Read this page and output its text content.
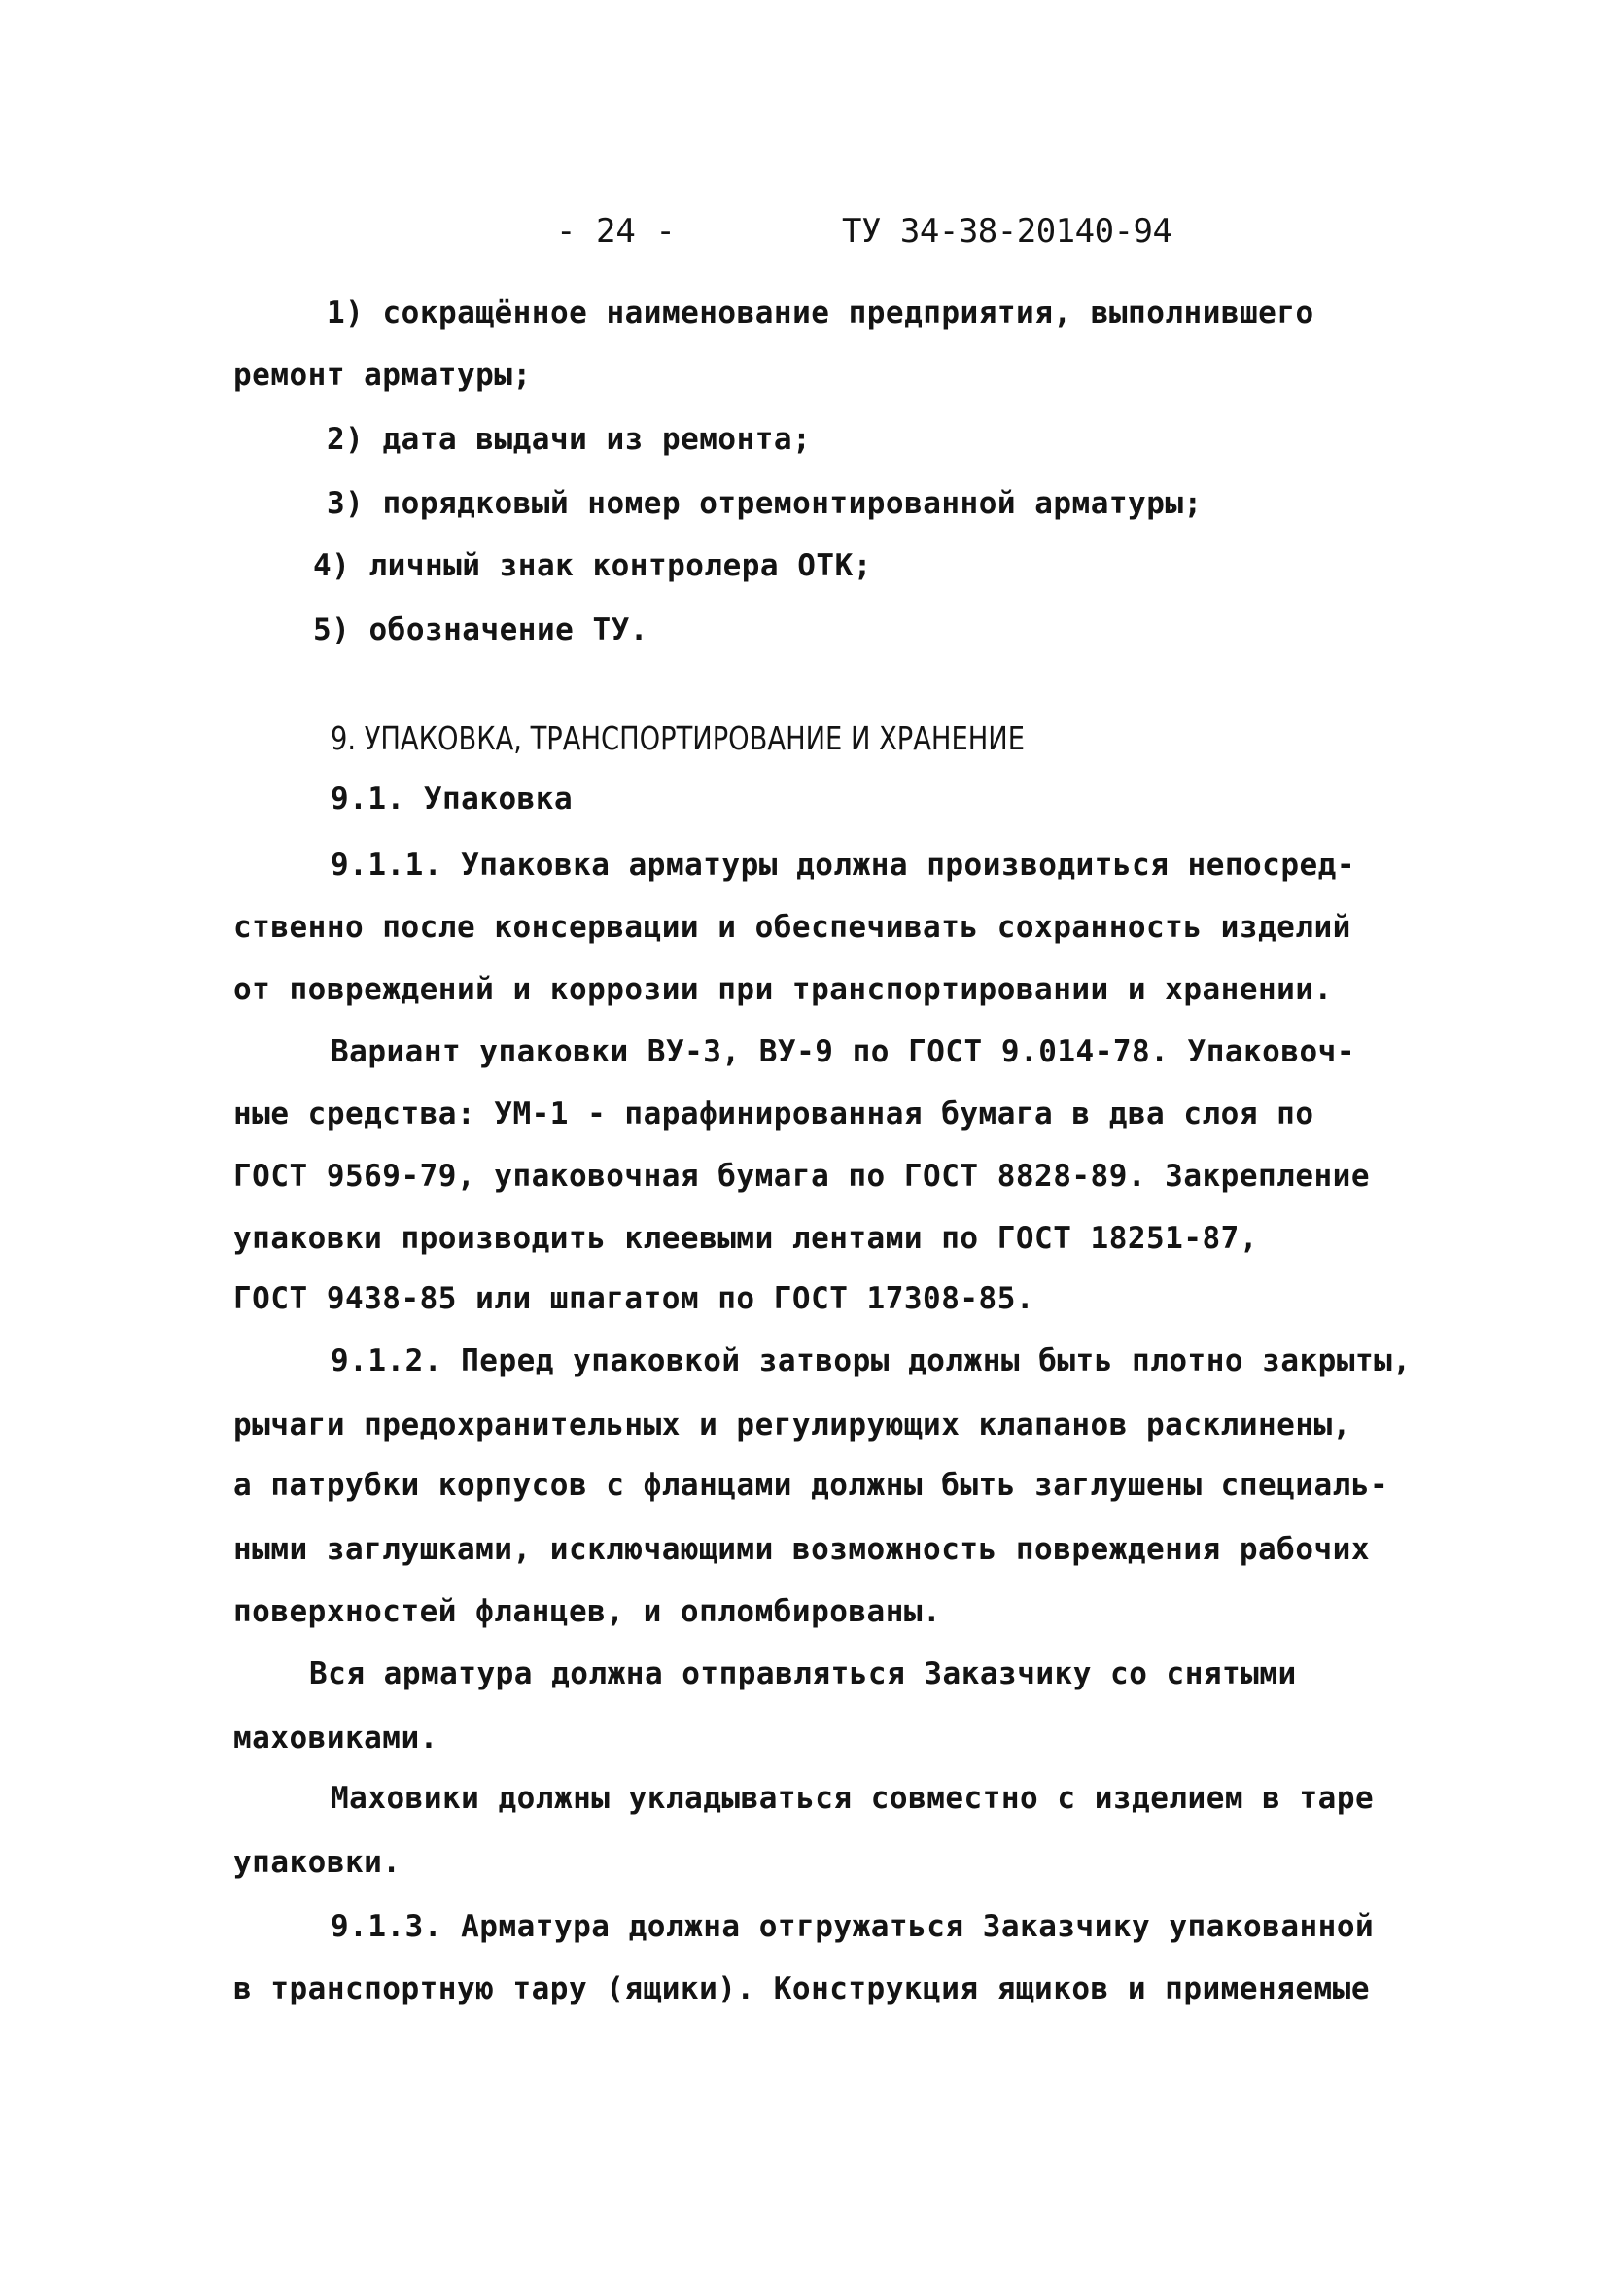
- 24 -	ТУ 34-38-20140-94
1) сокращённое наименование предприятия, выполнившего
ремонт арматуры;
2) дата выдачи из ремонта;
3) порядковый номер отремонтированной арматуры;
4) личный знак контролера ОТК;
5) обозначение ТУ.
9. УПАКОВКА, ТРАНСПОРТИРОВАНИЕ И ХРАНЕНИЕ
9.1. Упаковка
9.1.1. Упаковка арматуры должна производиться непосред-
ственно после консервации и обеспечивать сохранность изделий
от повреждений и коррозии при транспортировании и хранении.
Вариант упаковки ВУ-3, ВУ-9 по ГОСТ 9.014-78. Упаковоч-
ные средства: УМ-1 - парафинированная бумага в два слоя по
ГОСТ 9569-79, упаковочная бумага по ГОСТ 8828-89. Закрепление
упаковки производить клеевыми лентами по ГОСТ 18251-87,
ГОСТ 9438-85 или шпагатом по ГОСТ 17308-85.
9.1.2. Перед упаковкой затворы должны быть плотно закрыты,
рычаги предохранительных и регулирующих клапанов расклинены,
а патрубки корпусов с фланцами должны быть заглушены специаль-
ными заглушками, исключающими возможность повреждения рабочих
поверхностей фланцев, и опломбированы.
Вся арматура должна отправляться Заказчику со снятыми
маховиками.
Маховики должны укладываться совместно с изделием в таре
упаковки.
9.1.3. Арматура должна отгружаться Заказчику упакованной
в транспортную тару (ящики). Конструкция ящиков и применяемые
